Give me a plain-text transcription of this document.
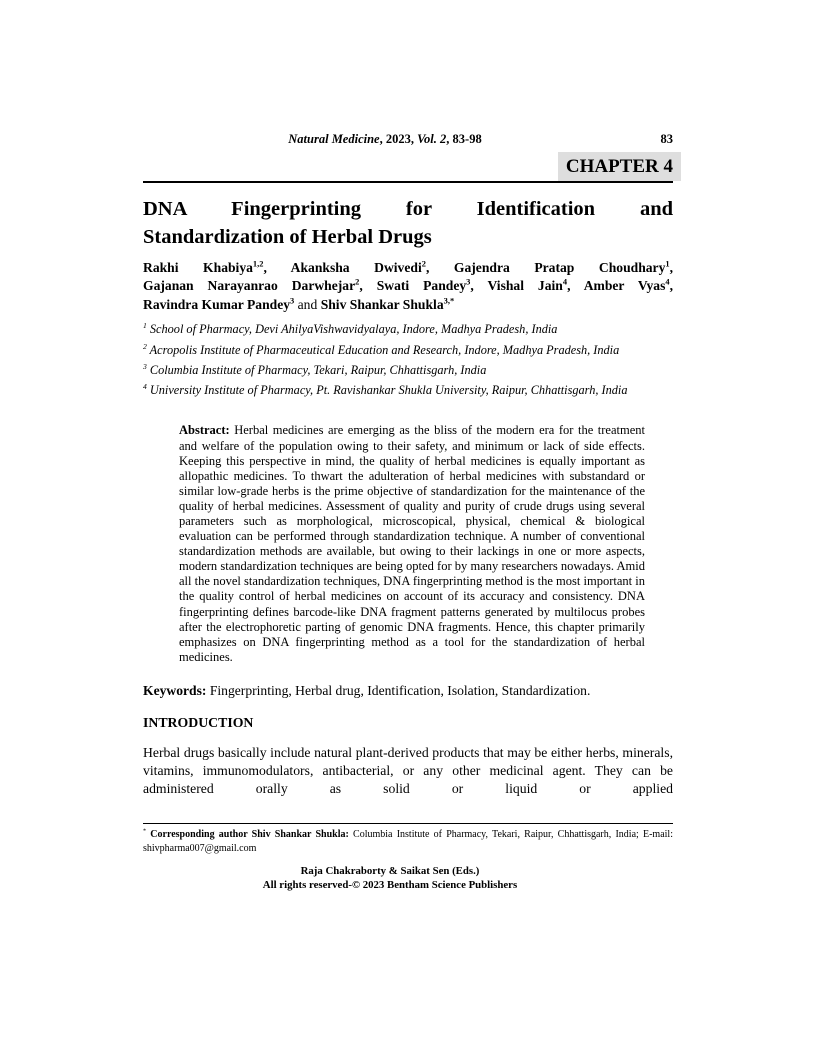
Natural Medicine, 2023, Vol. 2, 83-98	83
CHAPTER 4
DNA Fingerprinting for Identification and
Standardization of Herbal Drugs
Rakhi Khabiya$^{1,2}$, Akanksha Dwivedi$^2$, Gajendra Pratap Choudhary$^1$,
Gajanan Narayanrao Darwhejar$^2$, Swati Pandey$^3$, Vishal Jain$^4$, Amber Vyas$^4$,
Ravindra Kumar Pandey$^3$ and Shiv Shankar Shukla$^{3,*}$
$^1$ School of Pharmacy, Devi AhilyaVishwavidyalaya, Indore, Madhya Pradesh, India
$^2$ Acropolis Institute of Pharmaceutical Education and Research, Indore, Madhya Pradesh, India
$^3$ Columbia Institute of Pharmacy, Tekari, Raipur, Chhattisgarh, India
$^4$ University Institute of Pharmacy, Pt. Ravishankar Shukla University, Raipur, Chhattisgarh, India
Abstract: Herbal medicines are emerging as the bliss of the modern era for the treatment and welfare of the population owing to their safety, and minimum or lack of side effects. Keeping this perspective in mind, the quality of herbal medicines is equally important as allopathic medicines. To thwart the adulteration of herbal medicines with substandard or similar low-grade herbs is the prime objective of standardization for the maintenance of the quality of herbal medicines. Assessment of quality and purity of crude drugs using several parameters such as morphological, microscopical, physical, chemical & biological evaluation can be performed through standardization technique. A number of conventional standardization methods are available, but owing to their lackings in one or more aspects, modern standardization techniques are being opted for by many researchers nowadays. Amid all the novel standardization techniques, DNA fingerprinting method is the most important in the quality control of herbal medicines on account of its accuracy and consistency. DNA fingerprinting defines barcode-like DNA fragment patterns generated by multilocus probes after the electrophoretic parting of genomic DNA fragments. Hence, this chapter primarily emphasizes on DNA fingerprinting method as a tool for the standardization of herbal medicines.
Keywords: Fingerprinting, Herbal drug, Identification, Isolation, Standardization.
INTRODUCTION

Herbal drugs basically include natural plant-derived products that may be either herbs, minerals, vitamins, immunomodulators, antibacterial, or any other medicinal agent. They can be administered orally as solid or liquid or applied

* Corresponding author Shiv Shankar Shukla: Columbia Institute of Pharmacy, Tekari, Raipur, Chhattisgarh, India; E-mail: shivpharma007@gmail.com
Raja Chakraborty & Saikat Sen (Eds.)
All rights reserved-© 2023 Bentham Science Publishers
